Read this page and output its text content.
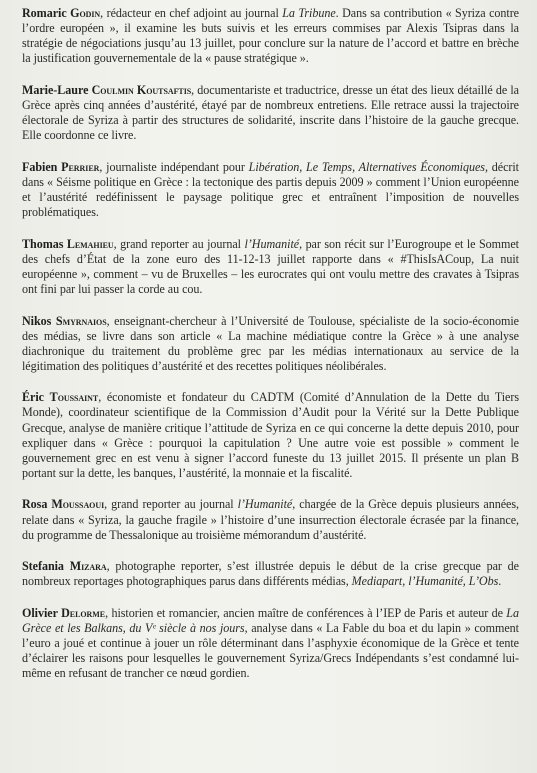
Romaric Godin, rédacteur en chef adjoint au journal La Tribune. Dans sa contribution « Syriza contre l’ordre européen », il examine les buts suivis et les erreurs commises par Alexis Tsipras dans la stratégie de négociations jusqu’au 13 juillet, pour conclure sur la nature de l’accord et battre en brèche la justification gouvernementale de la « pause stratégique ».

Marie-Laure Coulmin Koutsaftis, documentariste et traductrice, dresse un état des lieux détaillé de la Grèce après cinq années d’austérité, étayé par de nombreux entretiens. Elle retrace aussi la trajectoire électorale de Syriza à partir des structures de solidarité, inscrite dans l’histoire de la gauche grecque. Elle coordonne ce livre.

Fabien Perrier, journaliste indépendant pour Libération, Le Temps, Alternatives Économiques, décrit dans « Séisme politique en Grèce : la tectonique des partis depuis 2009 » comment l’Union européenne et l’austérité redéfinissent le paysage politique grec et entraînent l’imposition de nouvelles problématiques.

Thomas Lemahieu, grand reporter au journal l’Humanité, par son récit sur l’Eurogroupe et le Sommet des chefs d’État de la zone euro des 11-12-13 juillet rapporte dans « #ThisIsACoup, La nuit européenne », comment – vu de Bruxelles – les eurocrates qui ont voulu mettre des cravates à Tsipras ont fini par lui passer la corde au cou.

Nikos Smyrnaios, enseignant-chercheur à l’Université de Toulouse, spécialiste de la socio-économie des médias, se livre dans son article « La machine médiatique contre la Grèce » à une analyse diachronique du traitement du problème grec par les médias internationaux au service de la légitimation des politiques d’austérité et des recettes politiques néolibérales.

Éric Toussaint, économiste et fondateur du CADTM (Comité d’Annulation de la Dette du Tiers Monde), coordinateur scientifique de la Commission d’Audit pour la Vérité sur la Dette Publique Grecque, analyse de manière critique l’attitude de Syriza en ce qui concerne la dette depuis 2010, pour expliquer dans « Grèce : pourquoi la capitulation ? Une autre voie est possible » comment le gouvernement grec en est venu à signer l’accord funeste du 13 juillet 2015. Il présente un plan B portant sur la dette, les banques, l’austérité, la monnaie et la fiscalité.

Rosa Moussaoui, grand reporter au journal l’Humanité, chargée de la Grèce depuis plusieurs années, relate dans « Syriza, la gauche fragile » l’histoire d’une insurrection électorale écrasée par la finance, du programme de Thessalonique au troisième mémorandum d’austérité.

Stefania Mizara, photographe reporter, s’est illustrée depuis le début de la crise grecque par de nombreux reportages photographiques parus dans différents médias, Mediapart, l’Humanité, L’Obs.

Olivier Delorme, historien et romancier, ancien maître de conférences à l’IEP de Paris et auteur de La Grèce et les Balkans, du Vᵉ siècle à nos jours, analyse dans « La Fable du boa et du lapin » comment l’euro a joué et continue à jouer un rôle déterminant dans l’asphyxie économique de la Grèce et tente d’éclairer les raisons pour lesquelles le gouvernement Syriza/Grecs Indépendants s’est condamné lui-même en refusant de trancher ce nœud gordien.
